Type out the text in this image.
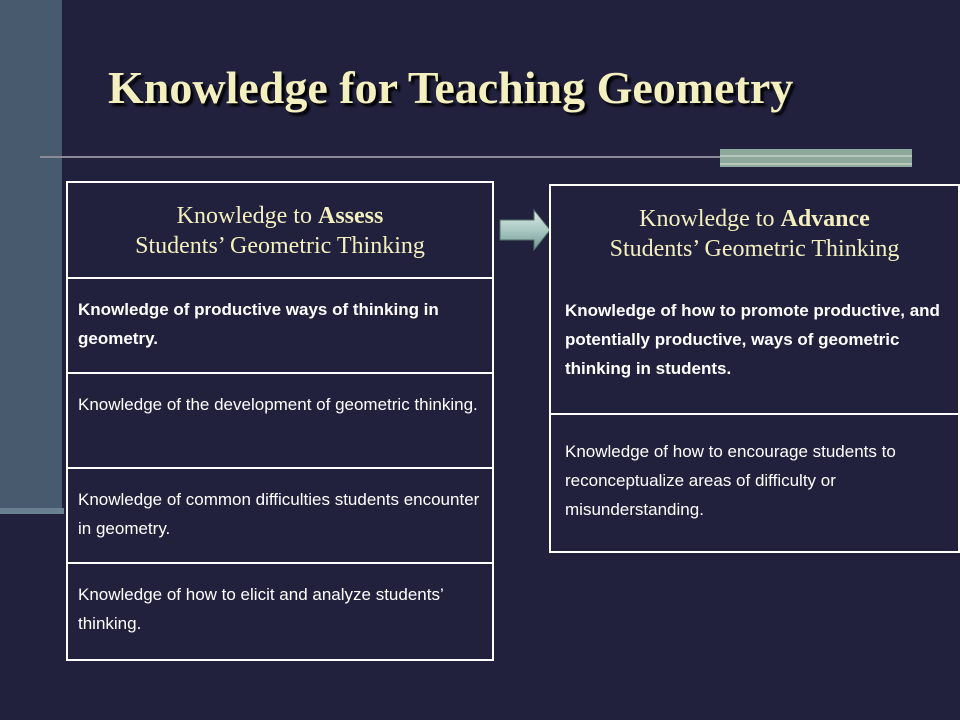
Knowledge for Teaching Geometry
Knowledge to Assess
Students’ Geometric Thinking
Knowledge of productive ways of thinking in geometry.
Knowledge of the development of geometric thinking.
Knowledge of common difficulties students encounter in geometry.
Knowledge of how to elicit and analyze students’ thinking.
Knowledge to Advance
Students’ Geometric Thinking
Knowledge of how to promote productive, and potentially productive, ways of geometric thinking in students.
Knowledge of how to encourage students to reconceptualize areas of difficulty or misunderstanding.
